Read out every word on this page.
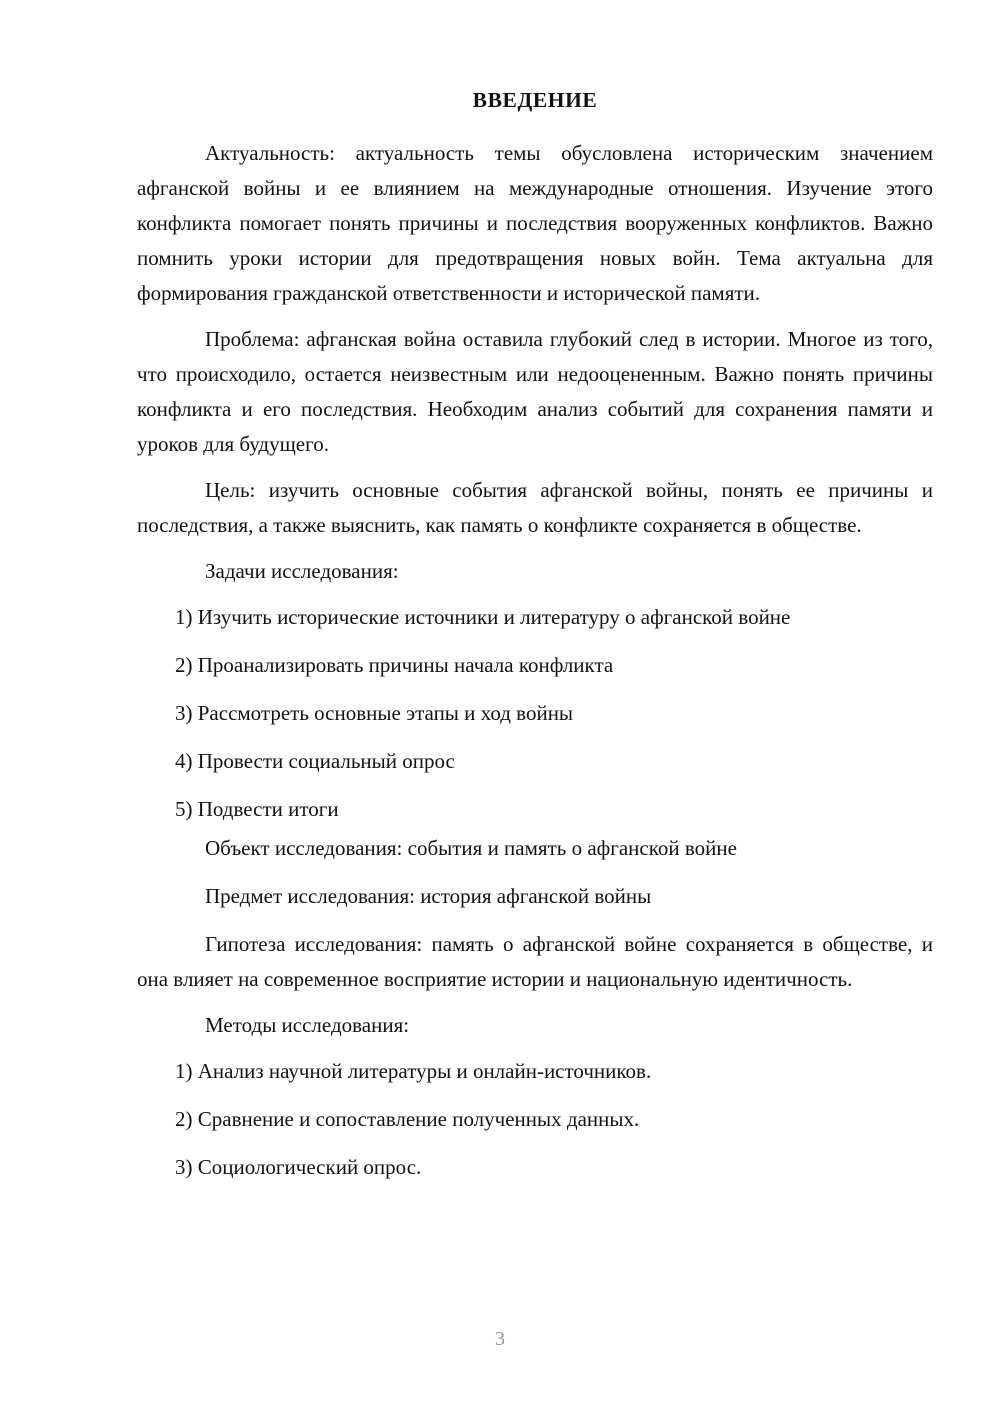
ВВЕДЕНИЕ

Актуальность: актуальность темы обусловлена историческим значением афганской войны и ее влиянием на международные отношения. Изучение этого конфликта помогает понять причины и последствия вооруженных конфликтов. Важно помнить уроки истории для предотвращения новых войн. Тема актуальна для формирования гражданской ответственности и исторической памяти.

Проблема: афганская война оставила глубокий след в истории. Многое из того, что происходило, остается неизвестным или недооцененным. Важно понять причины конфликта и его последствия. Необходим анализ событий для сохранения памяти и уроков для будущего.

Цель: изучить основные события афганской войны, понять ее причины и последствия, а также выяснить, как память о конфликте сохраняется в обществе.

Задачи исследования:

1) Изучить исторические источники и литературу о афганской войне
2) Проанализировать причины начала конфликта
3) Рассмотреть основные этапы и ход войны
4) Провести социальный опрос
5) Подвести итоги

Объект исследования: события и память о афганской войне

Предмет исследования: история афганской войны

Гипотеза исследования: память о афганской войне сохраняется в обществе, и она влияет на современное восприятие истории и национальную идентичность.

Методы исследования:

1) Анализ научной литературы и онлайн-источников.
2) Сравнение и сопоставление полученных данных.
3) Социологический опрос.
3
